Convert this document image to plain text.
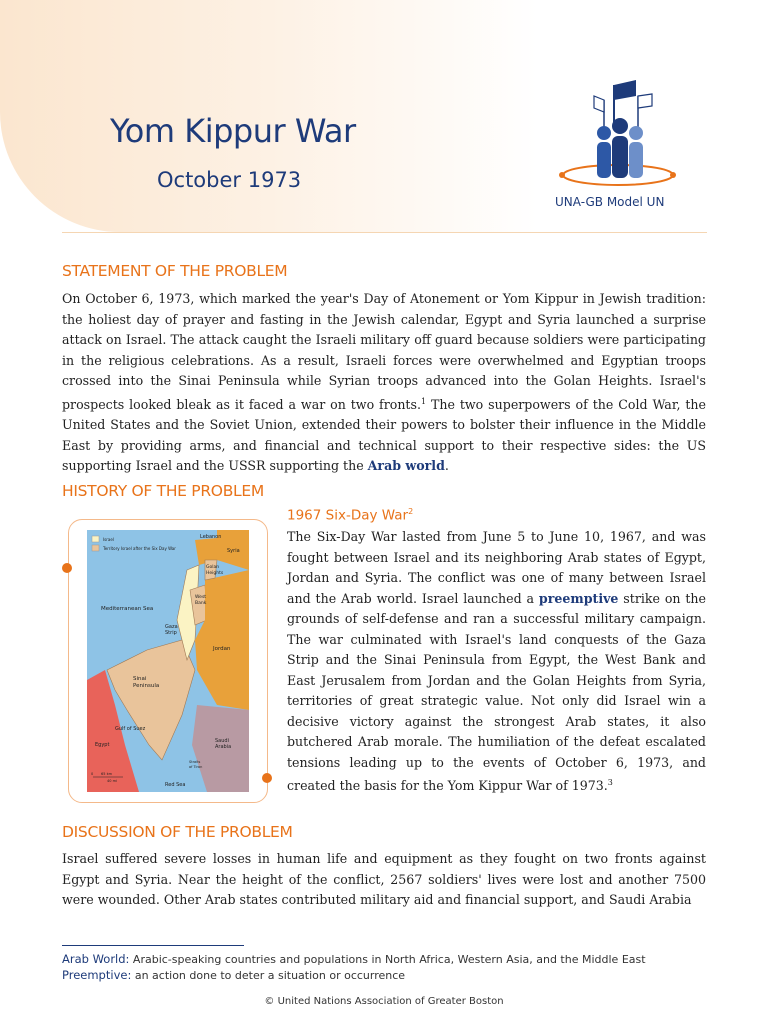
Yom Kippur War
October 1973
UNA-GB Model UN
STATEMENT OF THE PROBLEM
On October 6, 1973, which marked the year's Day of Atonement or Yom Kippur in Jewish tradition: the holiest day of prayer and fasting in the Jewish calendar, Egypt and Syria launched a surprise attack on Israel. The attack caught the Israeli military off guard because soldiers were participating in the religious celebrations. As a result, Israeli forces were overwhelmed and Egyptian troops crossed into the Sinai Peninsula while Syrian troops advanced into the Golan Heights. Israel's prospects looked bleak as it faced a war on two fronts.$^1$ The two superpowers of the Cold War, the United States and the Soviet Union, extended their powers to bolster their influence in the Middle East by providing arms, and financial and technical support to their respective sides: the US supporting Israel and the USSR supporting the Arab world.
HISTORY OF THE PROBLEM
1967 Six-Day War$^2$
The Six-Day War lasted from June 5 to June 10, 1967, and was fought between Israel and its neighboring Arab states of Egypt, Jordan and Syria. The conflict was one of many between Israel and the Arab world. Israel launched a preemptive strike on the grounds of self-defense and ran a successful military campaign. The war culminated with Israel's land conquests of the Gaza Strip and the Sinai Peninsula from Egypt, the West Bank and East Jerusalem from Jordan and the Golan Heights from Syria, territories of great strategic value. Not only did Israel win a decisive victory against the strongest Arab states, it also butchered Arab morale. The humiliation of the defeat escalated tensions leading up to the events of October 6, 1973, and created the basis for the Yom Kippur War of 1973.$^3$
Israel
Territory Israel after the Six Day War
Lebanon
Syria
Golan
Heights
West
Bank
Mediterranean Sea
Gaza
Strip
Jordan
Sinai
Peninsula
Gulf of Suez
Egypt
Saudi
Arabia
Straits
of Tiran
Red Sea
0 65 km
40 mi
DISCUSSION OF THE PROBLEM
Israel suffered severe losses in human life and equipment as they fought on two fronts against Egypt and Syria. Near the height of the conflict, 2567 soldiers' lives were lost and another 7500 were wounded. Other Arab states contributed military aid and financial support, and Saudi Arabia
Arab World: Arabic-speaking countries and populations in North Africa, Western Asia, and the Middle East
Preemptive: an action done to deter a situation or occurrence
© United Nations Association of Greater Boston
